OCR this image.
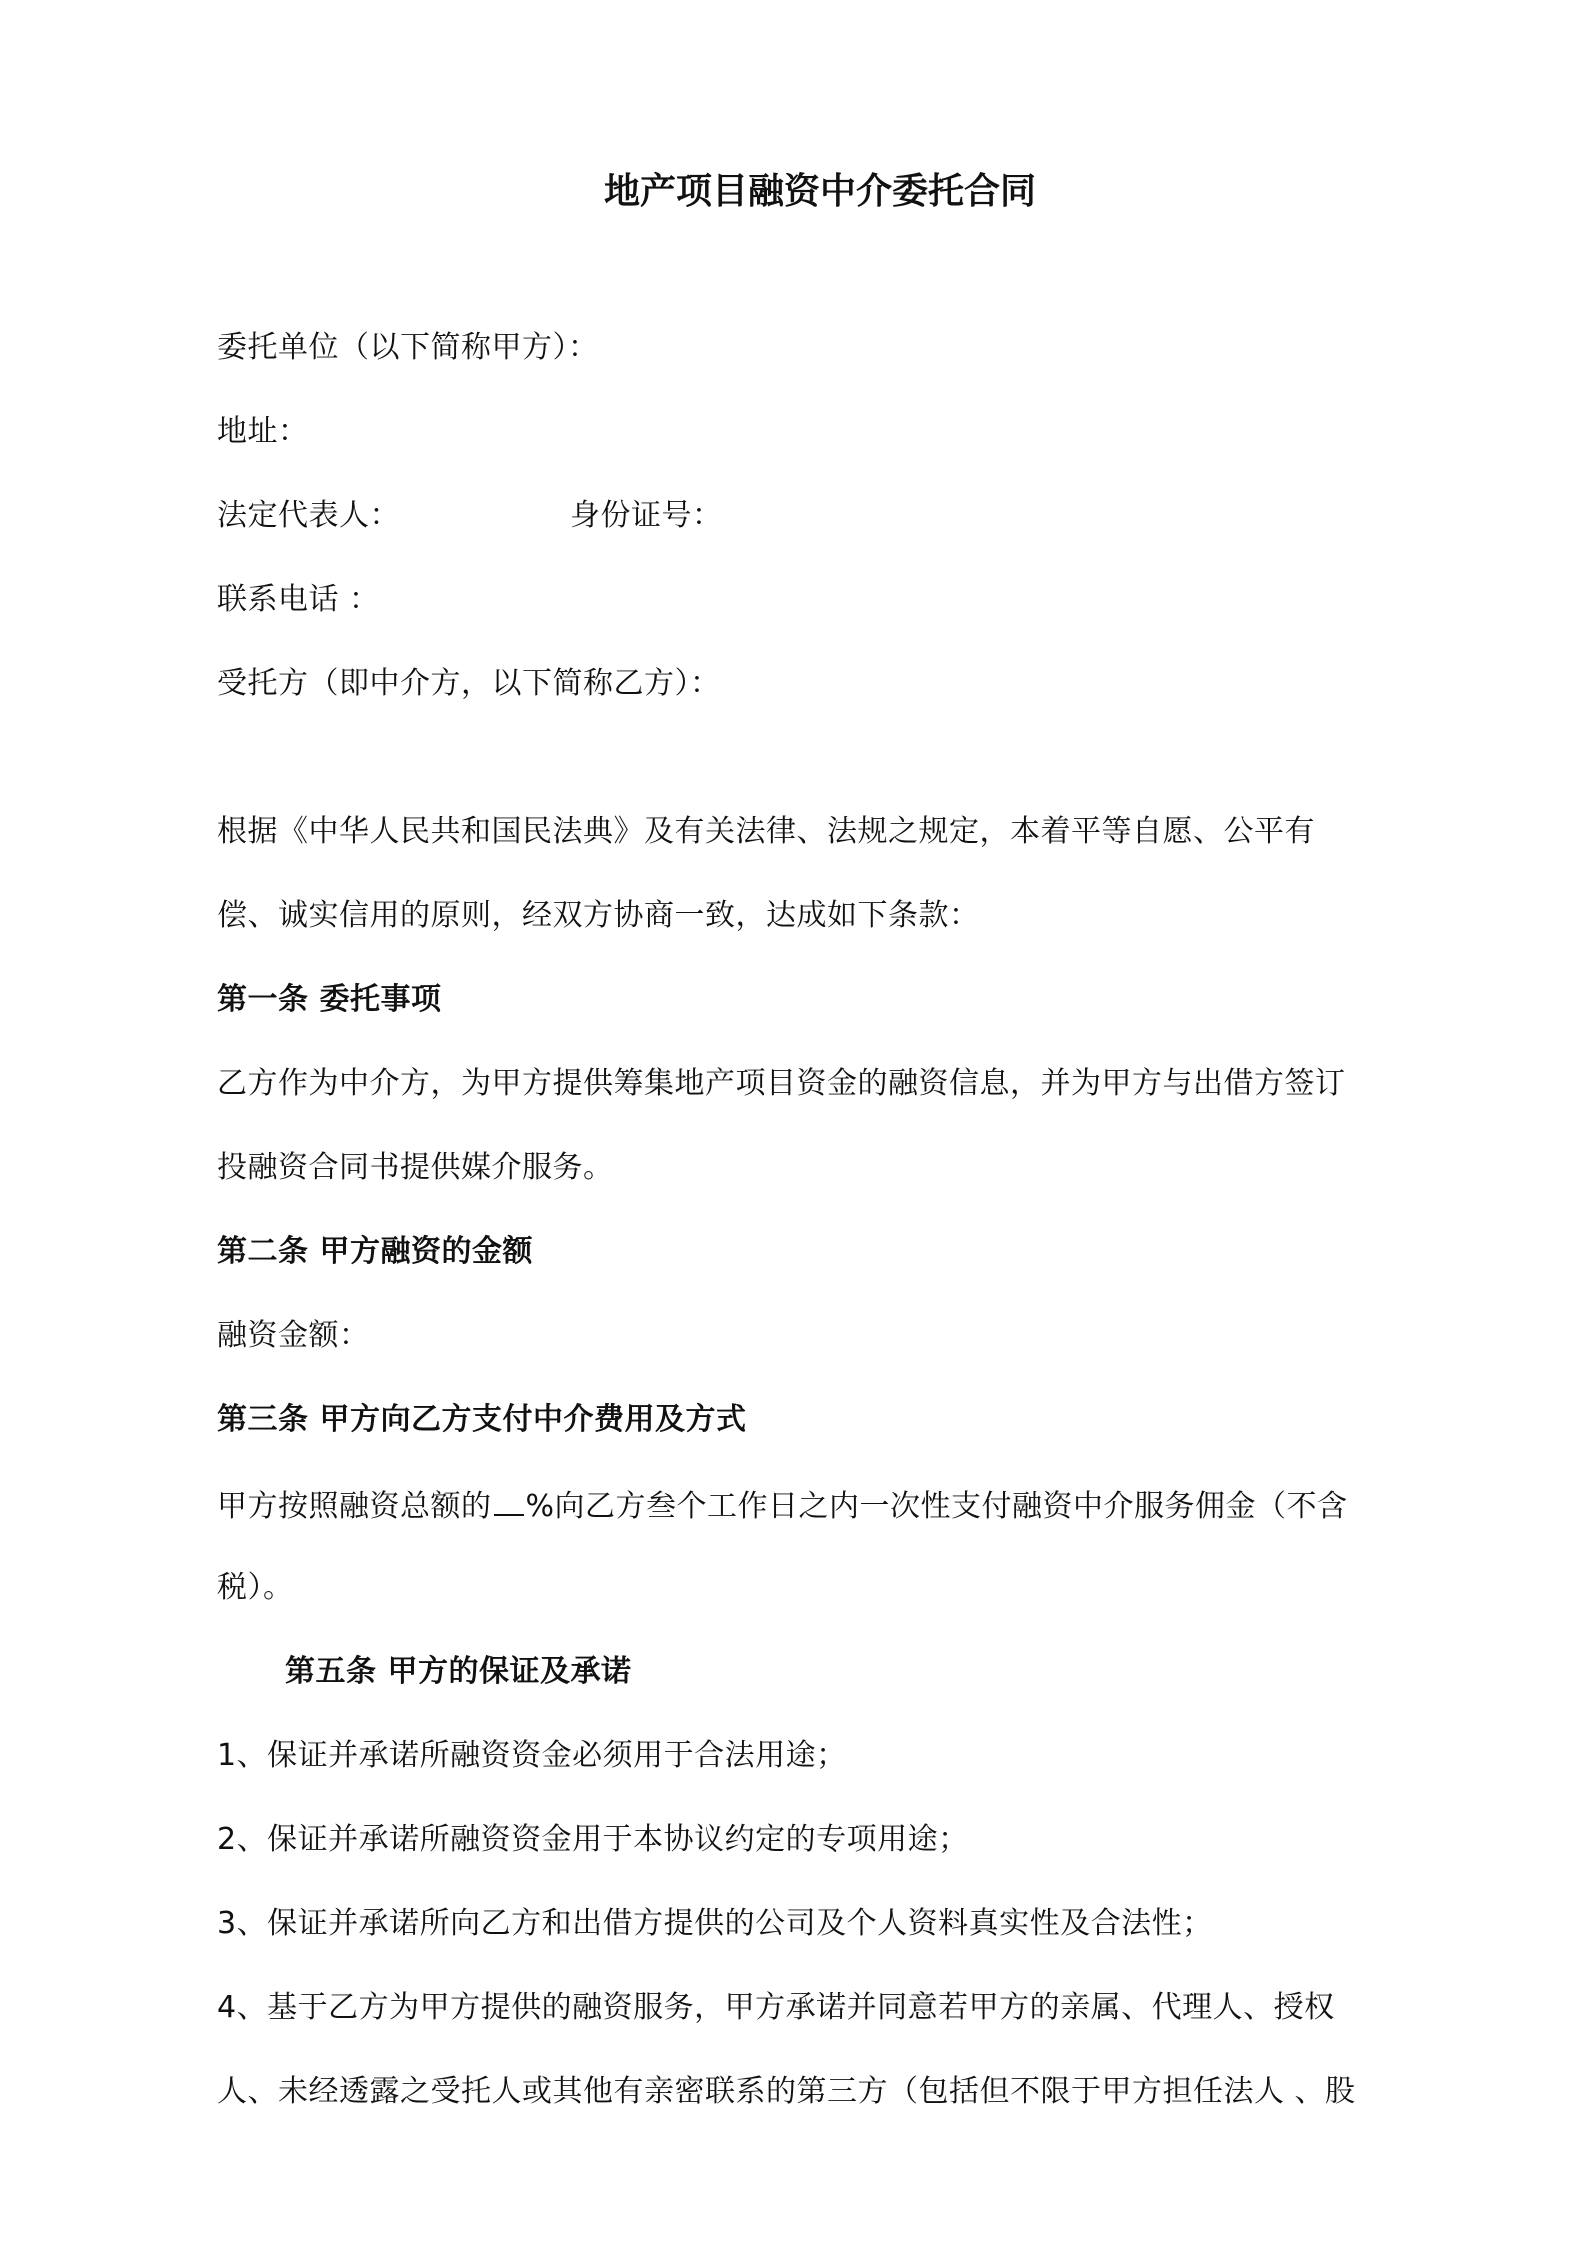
地产项目融资中介委托合同
委托单位（以下简称甲方）：
地址：
法定代表人：	身份证号：
联系电话 ：
受托方（即中介方，以下简称乙方）：
根据《中华人民共和国民法典》及有关法律、法规之规定，本着平等自愿、公平有
偿、诚实信用的原则，经双方协商一致，达成如下条款：
第一条 委托事项
乙方作为中介方，为甲方提供筹集地产项目资金的融资信息，并为甲方与出借方签订
投融资合同书提供媒介服务。
第二条 甲方融资的金额
融资金额：
第三条 甲方向乙方支付中介费用及方式
甲方按照融资总额的 %向乙方叁个工作日之内一次性支付融资中介服务佣金（不含
税）。
第五条 甲方的保证及承诺
1、保证并承诺所融资资金必须用于合法用途；
2、保证并承诺所融资资金用于本协议约定的专项用途；
3、保证并承诺所向乙方和出借方提供的公司及个人资料真实性及合法性；
4、基于乙方为甲方提供的融资服务，甲方承诺并同意若甲方的亲属、代理人、授权
人、未经透露之受托人或其他有亲密联系的第三方（包括但不限于甲方担任法人 、股
